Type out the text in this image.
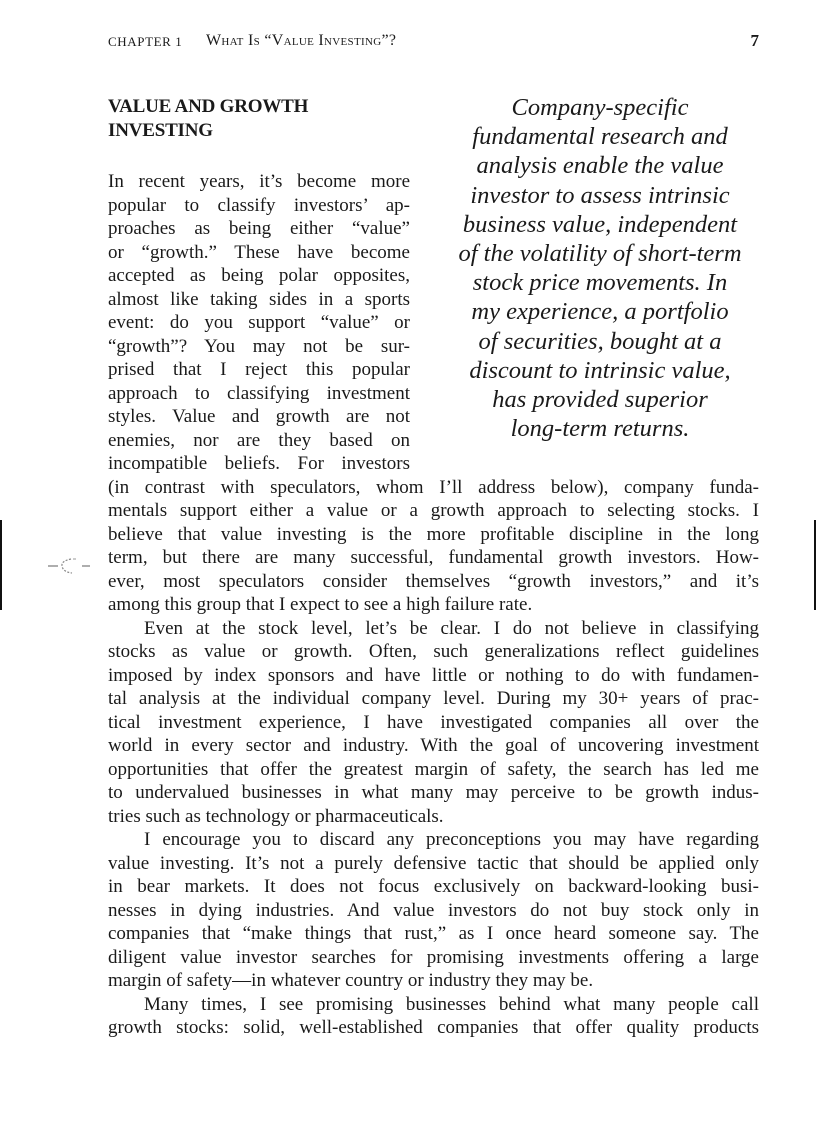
CHAPTER 1 What Is “Value Investing”?	7
VALUE AND GROWTH
INVESTING
Company-specific
fundamental research and
analysis enable the value
investor to assess intrinsic
business value, independent
of the volatility of short-term
stock price movements. In
my experience, a portfolio
of securities, bought at a
discount to intrinsic value,
has provided superior
long-term returns.
In recent years, it’s become more
popular to classify investors’ ap-
proaches as being either “value”
or “growth.” These have become
accepted as being polar opposites,
almost like taking sides in a sports
event: do you support “value” or
“growth”? You may not be sur-
prised that I reject this popular
approach to classifying investment
styles. Value and growth are not
enemies, nor are they based on
incompatible beliefs. For investors
(in contrast with speculators, whom I’ll address below), company funda-
mentals support either a value or a growth approach to selecting stocks. I
believe that value investing is the more profitable discipline in the long
term, but there are many successful, fundamental growth investors. How-
ever, most speculators consider themselves “growth investors,” and it’s
among this group that I expect to see a high failure rate.
Even at the stock level, let’s be clear. I do not believe in classifying
stocks as value or growth. Often, such generalizations reflect guidelines
imposed by index sponsors and have little or nothing to do with fundamen-
tal analysis at the individual company level. During my 30+ years of prac-
tical investment experience, I have investigated companies all over the
world in every sector and industry. With the goal of uncovering investment
opportunities that offer the greatest margin of safety, the search has led me
to undervalued businesses in what many may perceive to be growth indus-
tries such as technology or pharmaceuticals.
I encourage you to discard any preconceptions you may have regarding
value investing. It’s not a purely defensive tactic that should be applied only
in bear markets. It does not focus exclusively on backward-looking busi-
nesses in dying industries. And value investors do not buy stock only in
companies that “make things that rust,” as I once heard someone say. The
diligent value investor searches for promising investments offering a large
margin of safety—in whatever country or industry they may be.
Many times, I see promising businesses behind what many people call
growth stocks: solid, well-established companies that offer quality products
